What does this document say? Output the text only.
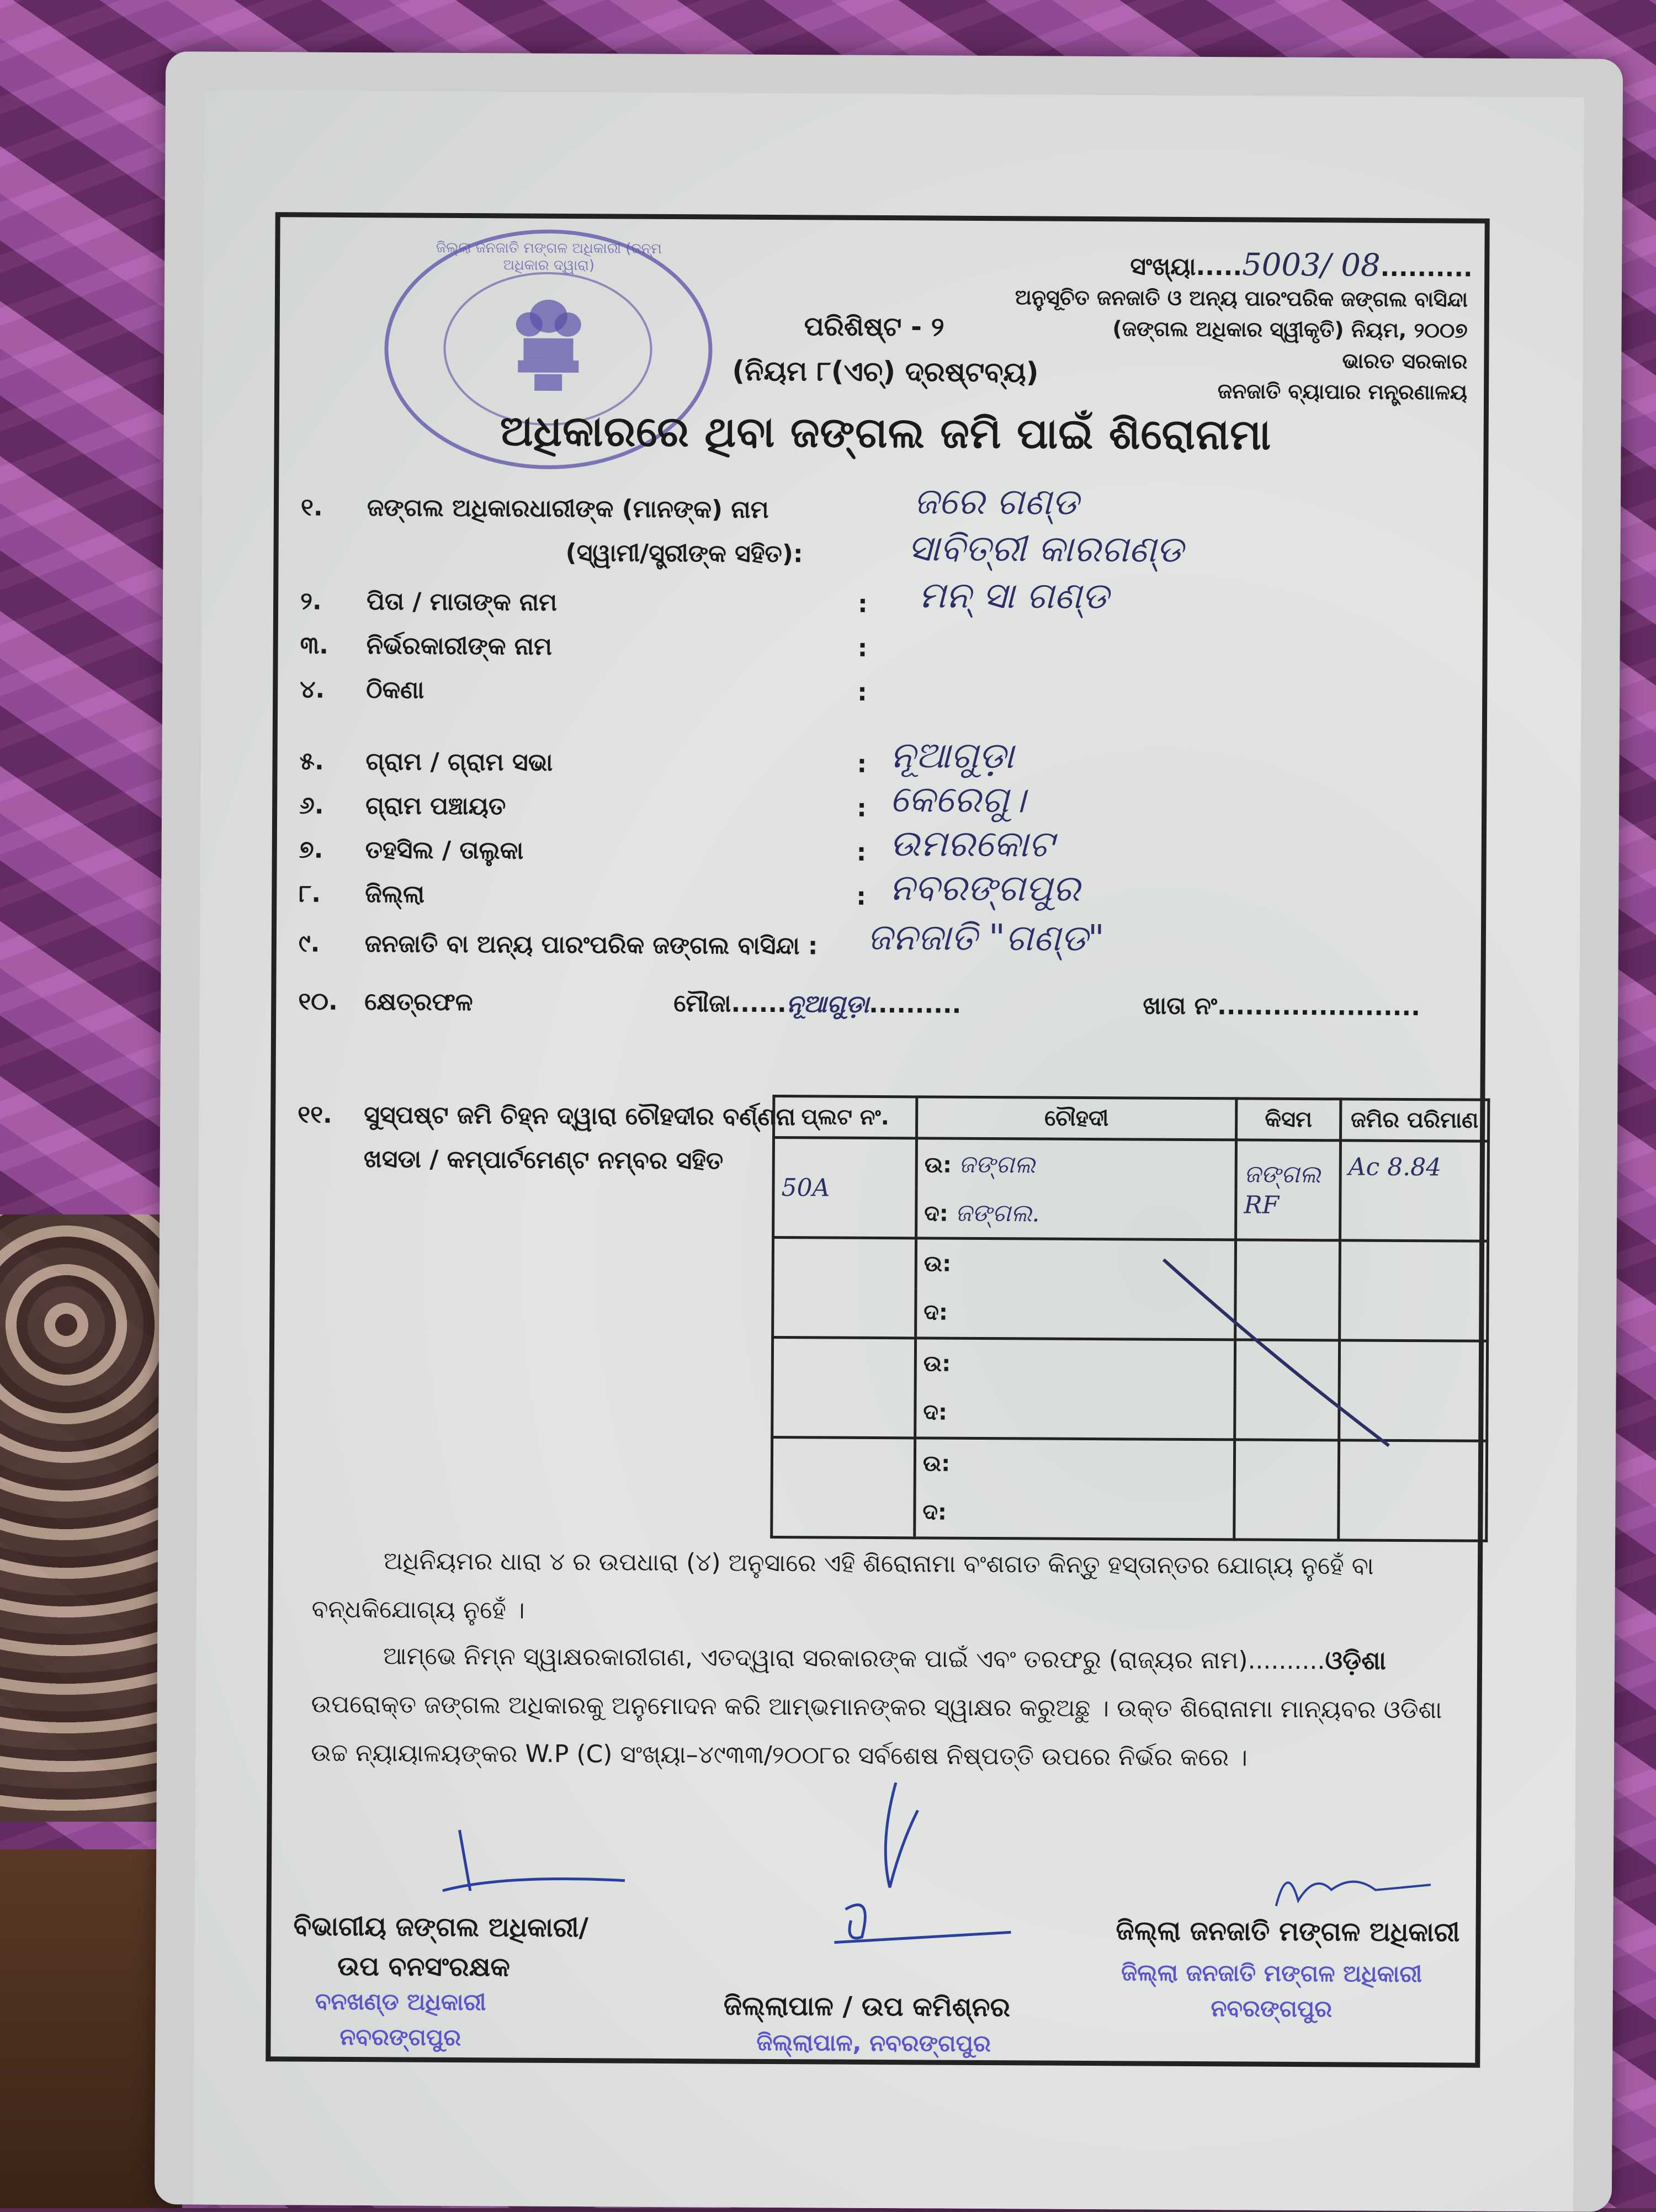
ଜିଲ୍ଲା ଜନଜାତି ମଙ୍ଗଳ ଅଧିକାରୀ (ଜନ୍ମ ଅଧିକାର ଦ୍ୱାରା)	ସଂଖ୍ୟା.....5003/ 08..........
ଅନୁସୂଚିତ ଜନଜାତି ଓ ଅନ୍ୟ ପାରଂପରିକ ଜଙ୍ଗଲ ବାସିନ୍ଦା
(ଜଙ୍ଗଲ ଅଧିକାର ସ୍ୱୀକୃତି) ନିୟମ, ୨୦୦୭
ଭାରତ ସରକାର
ଜନଜାତି ବ୍ୟାପାର ମନ୍ତ୍ରଣାଳୟ
ପରିଶିଷ୍ଟ - ୨
(ନିୟମ ୮(ଏଚ୍) ଦ୍ରଷ୍ଟବ୍ୟ)
ଅଧିକାରରେ ଥିବା ଜଙ୍ଗଲ ଜମି ପାଇଁ ଶିରୋନାମା
୧. ଜଙ୍ଗଲ ଅଧିକାରଧାରୀଙ୍କ (ମାନଙ୍କ) ନାମ	ଜରେ ଗଣ୍ଡ
(ସ୍ୱାମୀ/ସ୍ତ୍ରୀଙ୍କ ସହିତ):	ସାବିତ୍ରୀ କାରଗଣ୍ଡ
୨. ପିତା / ମାତାଙ୍କ ନାମ	: ମନ୍ ସା ଗଣ୍ଡ
୩. ନିର୍ଭରକାରୀଙ୍କ ନାମ	:
୪. ଠିକଣା	:
୫. ଗ୍ରାମ / ଗ୍ରାମ ସଭା	: ନୂଆଗୁଡ଼ା
୬. ଗ୍ରାମ ପଞ୍ଚାୟତ	: କେରେଗୁ।
୭. ତହସିଲ / ତାଲୁକା	: ଉମରକୋଟ
୮. ଜିଲ୍ଲା	: ନବରଙ୍ଗପୁର
୯. ଜନଜାତି ବା ଅନ୍ୟ ପାରଂପରିକ ଜଙ୍ଗଲ ବାସିନ୍ଦା : ଜନଜାତି "ଗଣ୍ଡ"
୧୦. କ୍ଷେତ୍ରଫଳ	ମୌଜା......ନୂଆଗୁଡ଼ା..........	ଖାତା ନଂ......................
୧୧. ସୁସ୍ପଷ୍ଟ ଜମି ଚିହ୍ନ ଦ୍ୱାରା ଚୌହଦୀର ବର୍ଣ୍ଣନା
ଖସଡା / କମ୍ପାର୍ଟମେଣ୍ଟ ନମ୍ବର ସହିତ
ପ୍ଲଟ ନଂ.	ଚୌହଦୀ	କିସମ	ଜମିର ପରିମାଣ
50A	ଉ: ଜଙ୍ଗଲ	ଜଙ୍ଗଲ RF	Ac 8.84
	ଦ: ଜଙ୍ଗଲ.		
	ଉ:		
	ଦ:		
	ଉ:		
	ଦ:		
	ଉ:		
	ଦ:		
ଅଧିନିୟମର ଧାରା ୪ ର ଉପଧାରା (୪) ଅନୁସାରେ ଏହି ଶିରୋନାମା ବଂଶଗତ କିନ୍ତୁ ହସ୍ତାନ୍ତର ଯୋଗ୍ୟ ନୁହେଁ ବା ବନ୍ଧକିଯୋଗ୍ୟ ନୁହେଁ ।
ଆମ୍ଭେ ନିମ୍ନ ସ୍ୱାକ୍ଷରକାରୀଗଣ, ଏତଦ୍ୱାରା ସରକାରଙ୍କ ପାଇଁ ଏବଂ ତରଫରୁ (ରାଜ୍ୟର ନାମ)..........ଓଡ଼ିଶା ଉପରୋକ୍ତ ଜଙ୍ଗଲ ଅଧିକାରକୁ ଅନୁମୋଦନ କରି ଆମ୍ଭମାନଙ୍କର ସ୍ୱାକ୍ଷର କରୁଅଛୁ । ଉକ୍ତ ଶିରୋନାମା ମାନ୍ୟବର ଓଡିଶା ଉଚ୍ଚ ନ୍ୟାୟାଳୟଙ୍କର W.P (C) ସଂଖ୍ୟା–୪୯୩୩/୨୦୦୮ର ସର୍ବଶେଷ ନିଷ୍ପତ୍ତି ଉପରେ ନିର୍ଭର କରେ ।
ବିଭାଗୀୟ ଜଙ୍ଗଲ ଅଧିକାରୀ/
ଉପ ବନସଂରକ୍ଷକ
ବନଖଣ୍ଡ ଅଧିକାରୀ
ନବରଙ୍ଗପୁର
ଜିଲ୍ଲାପାଳ / ଉପ କମିଶ୍ନର
ଜିଲ୍ଲାପାଳ, ନବରଙ୍ଗପୁର
ଜିଲ୍ଲା ଜନଜାତି ମଙ୍ଗଳ ଅଧିକାରୀ
ଜିଲ୍ଲା ଜନଜାତି ମଙ୍ଗଳ ଅଧିକାରୀ
ନବରଙ୍ଗପୁର
